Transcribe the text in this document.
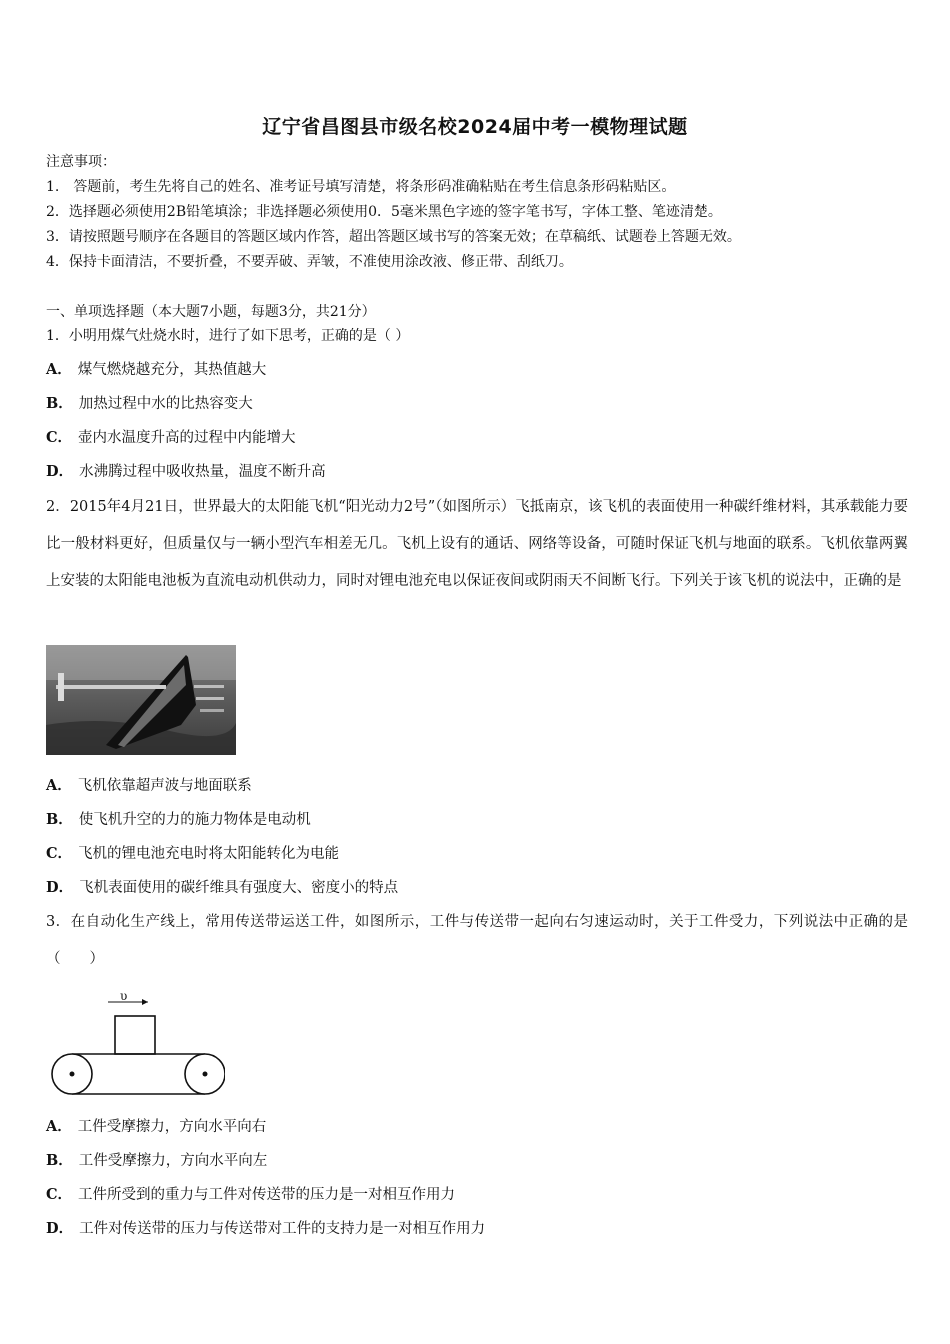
辽宁省昌图县市级名校2024届中考一模物理试题
注意事项：
1.　答题前，考生先将自己的姓名、准考证号填写清楚，将条形码准确粘贴在考生信息条形码粘贴区。
2．选择题必须使用2B铅笔填涂；非选择题必须使用0．5毫米黑色字迹的签字笔书写，字体工整、笔迹清楚。
3．请按照题号顺序在各题目的答题区域内作答，超出答题区域书写的答案无效；在草稿纸、试题卷上答题无效。
4．保持卡面清洁，不要折叠，不要弄破、弄皱，不准使用涂改液、修正带、刮纸刀。
一、单项选择题（本大题7小题，每题3分，共21分）
1．小明用煤气灶烧水时，进行了如下思考，正确的是（ ）
A． 煤气燃烧越充分，其热值越大
B． 加热过程中水的比热容变大
C． 壶内水温度升高的过程中内能增大
D． 水沸腾过程中吸收热量，温度不断升高
2．2015年4月21日，世界最大的太阳能飞机“阳光动力2号”（如图所示）飞抵南京，该飞机的表面使用一种碳纤维材料，其承载能力要比一般材料更好，但质量仅与一辆小型汽车相差无几。飞机上设有的通话、网络等设备，可随时保证飞机与地面的联系。飞机依靠两翼上安装的太阳能电池板为直流电动机供动力，同时对锂电池充电以保证夜间或阴雨天不间断飞行。下列关于该飞机的说法中，正确的是
A． 飞机依靠超声波与地面联系
B． 使飞机升空的力的施力物体是电动机
C． 飞机的锂电池充电时将太阳能转化为电能
D． 飞机表面使用的碳纤维具有强度大、密度小的特点
3．在自动化生产线上，常用传送带运送工件，如图所示，工件与传送带一起向右匀速运动时，关于工件受力，下列说法中正确的是（　　）
υ
A． 工件受摩擦力，方向水平向右
B． 工件受摩擦力，方向水平向左
C． 工件所受到的重力与工件对传送带的压力是一对相互作用力
D． 工件对传送带的压力与传送带对工件的支持力是一对相互作用力
